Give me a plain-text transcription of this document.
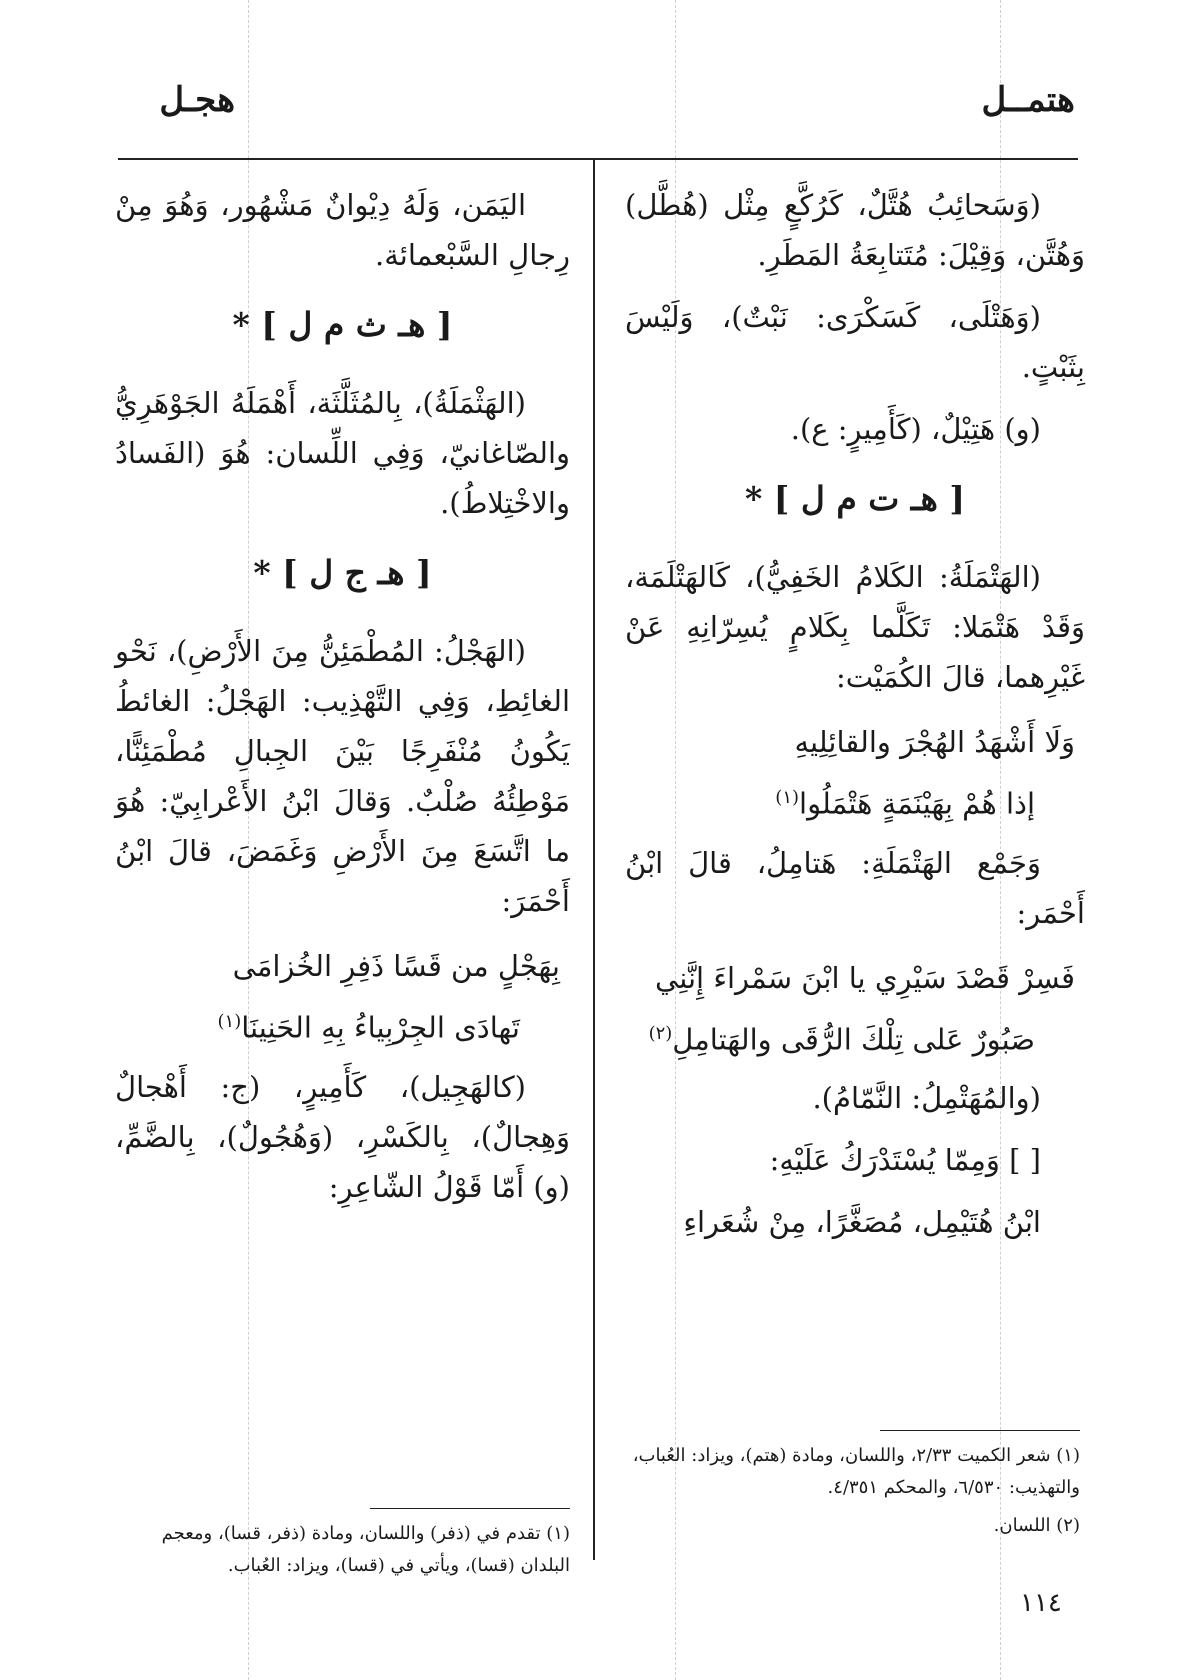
هتمــل
هجـل

(وَسَحائِبُ هُتَّلٌ، كَرُكَّعٍ مِثْل (هُطَّل) وَهُتَّن، وَقِيْلَ: مُتَتابِعَةُ المَطَرِ.

(وَهَتْلَى، كَسَكْرَى: نَبْتٌ)، وَلَيْسَ بِثَبْتٍ.

(و) هَتِيْلٌ، (كَأَمِيرٍ: ع).

[ هـ ت م ل ] *

(الهَتْمَلَةُ: الكَلامُ الخَفِيُّ)، كَالهَتْلَمَة، وَقَدْ هَتْمَلا: تَكَلَّما بِكَلامٍ يُسِرّانِهِ عَنْ غَيْرِهما، قالَ الكُمَيْت:

وَلَا أَشْهَدُ الهُجْرَ والقائِلِيهِ
إذا هُمْ بِهَيْنَمَةٍ هَتْمَلُوا$^{(١)}$

وَجَمْع الهَتْمَلَةِ: هَتامِلُ، قالَ ابْنُ أَحْمَر:

فَسِرْ قَصْدَ سَيْرِي يا ابْنَ سَمْراءَ إِنَّنِي
صَبُورٌ عَلى تِلْكَ الرُّقَى والهَتامِلِ$^{(٢)}$

(والمُهَتْمِلُ: النَّمّامُ).

[ ] وَمِمّا يُسْتَدْرَكُ عَلَيْهِ:

ابْنُ هُتَيْمِل، مُصَغَّرًا، مِنْ شُعَراءِ

اليَمَن، وَلَهُ دِيْوانٌ مَشْهُور، وَهُوَ مِنْ رِجالِ السَّبْعمائة.

[ هـ ث م ل ] *

(الهَثْمَلَةُ)، بِالمُثَلَّثَة، أَهْمَلَهُ الجَوْهَرِيُّ والصّاغانيّ، وَفِي اللِّسان: هُوَ (الفَسادُ والاخْتِلاطُ).

[ هـ ج ل ] *

(الهَجْلُ: المُطْمَئِنُّ مِنَ الأَرْضِ)، نَحْو الغائِطِ، وَفِي التَّهْذِيب: الهَجْلُ: الغائطُ يَكُونُ مُنْفَرِجًا بَيْنَ الجِبالِ مُطْمَئِنًّا، مَوْطِئُهُ صُلْبٌ. وَقالَ ابْنُ الأَعْرابِيّ: هُوَ ما اتَّسَعَ مِنَ الأَرْضِ وَغَمَضَ، قالَ ابْنُ أَحْمَرَ:

بِهَجْلٍ من قَسًا ذَفِرِ الخُزامَى
تَهادَى الجِرْبِياءُ بِهِ الحَنِينَا$^{(١)}$

(كالهَجِيل)، كَأَمِيرٍ، (ج: أَهْجالٌ وَهِجالٌ)، بِالكَسْرِ، (وَهُجُولٌ)، بِالضَّمِّ، (و) أَمّا قَوْلُ الشّاعِرِ:

(١) شعر الكميت ٢/٣٣، واللسان، ومادة (هتم)، ويزاد: العُباب، والتهذيب: ٦/٥٣٠، والمحكم ٤/٣٥١.
(٢) اللسان.
(١) تقدم في (ذفر) واللسان، ومادة (ذفر، قسا)، ومعجم البلدان (قسا)، ويأتي في (قسا)، ويزاد: العُباب.
١١٤
